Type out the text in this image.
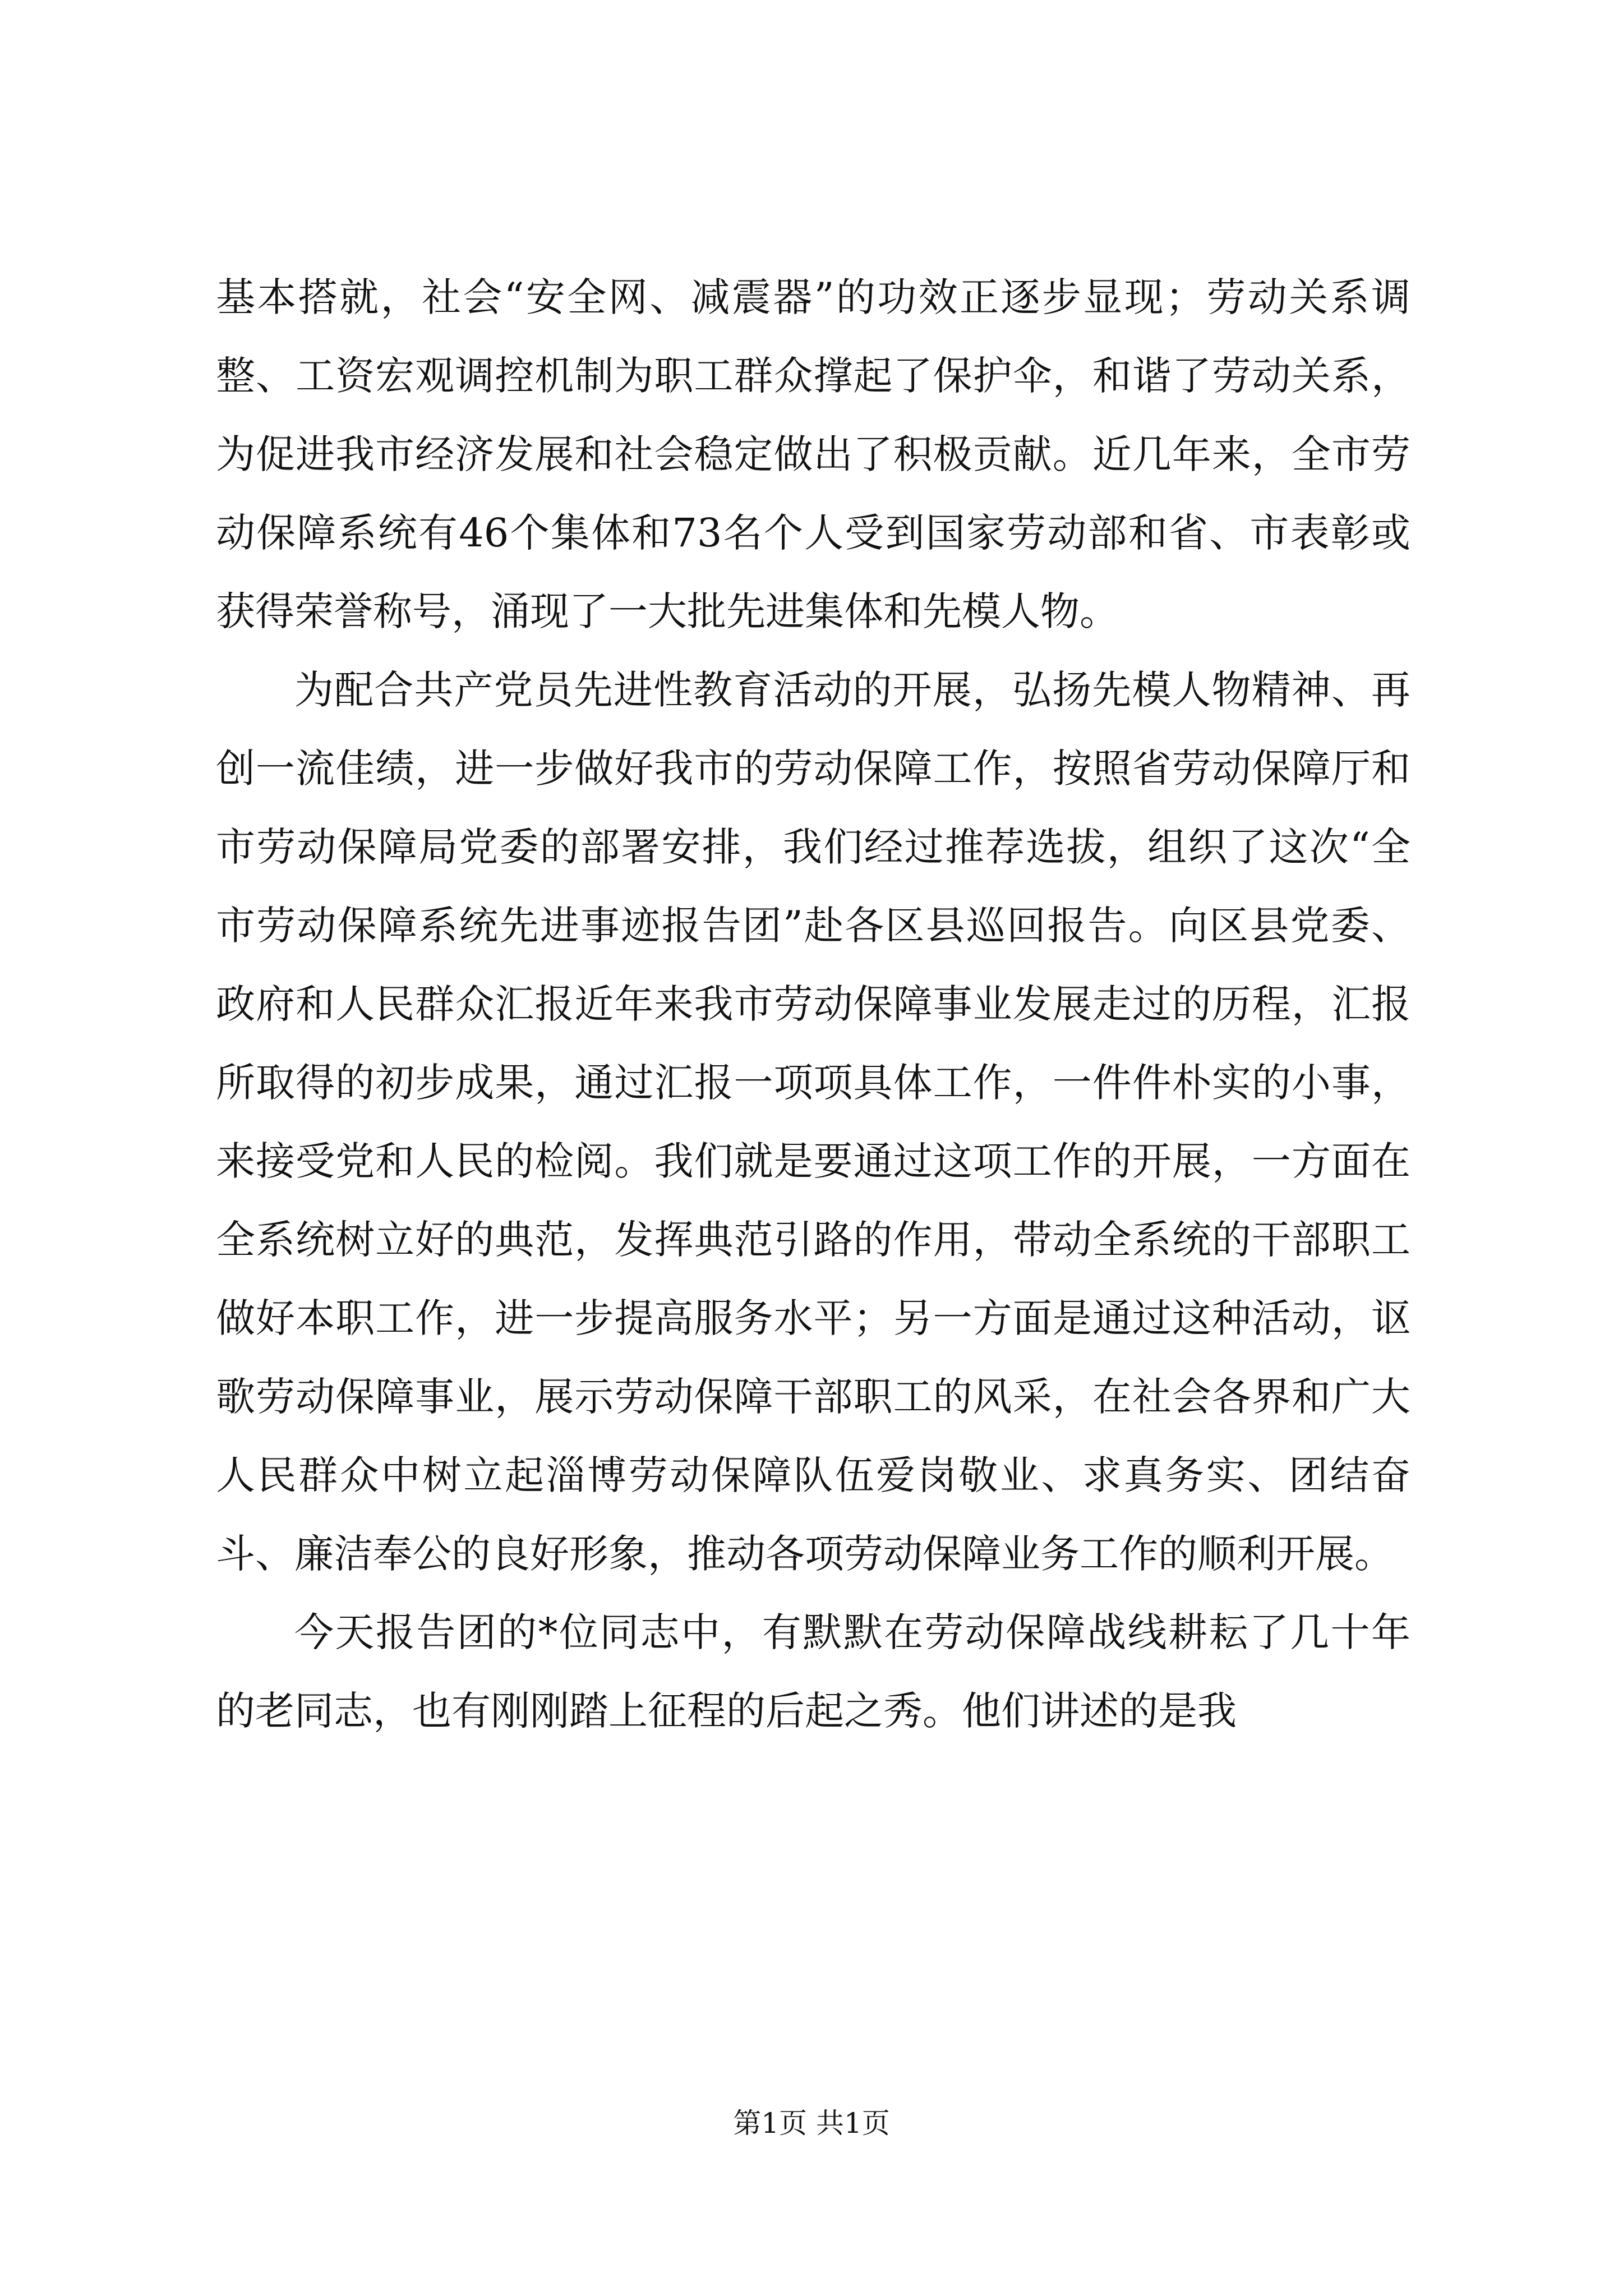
基本搭就，社会“安全网、减震器”的功效正逐步显现；劳动关系调整、工资宏观调控机制为职工群众撑起了保护伞，和谐了劳动关系，为促进我市经济发展和社会稳定做出了积极贡献。近几年来，全市劳动保障系统有46个集体和73名个人受到国家劳动部和省、市表彰或获得荣誉称号，涌现了一大批先进集体和先模人物。

为配合共产党员先进性教育活动的开展，弘扬先模人物精神、再创一流佳绩，进一步做好我市的劳动保障工作，按照省劳动保障厅和市劳动保障局党委的部署安排，我们经过推荐选拔，组织了这次“全市劳动保障系统先进事迹报告团”赴各区县巡回报告。向区县党委、政府和人民群众汇报近年来我市劳动保障事业发展走过的历程，汇报所取得的初步成果，通过汇报一项项具体工作，一件件朴实的小事，来接受党和人民的检阅。我们就是要通过这项工作的开展，一方面在全系统树立好的典范，发挥典范引路的作用，带动全系统的干部职工做好本职工作，进一步提高服务水平；另一方面是通过这种活动，讴歌劳动保障事业，展示劳动保障干部职工的风采，在社会各界和广大人民群众中树立起淄博劳动保障队伍爱岗敬业、求真务实、团结奋斗、廉洁奉公的良好形象，推动各项劳动保障业务工作的顺利开展。

今天报告团的*位同志中，有默默在劳动保障战线耕耘了几十年的老同志，也有刚刚踏上征程的后起之秀。他们讲述的是我

第1页 共1页
